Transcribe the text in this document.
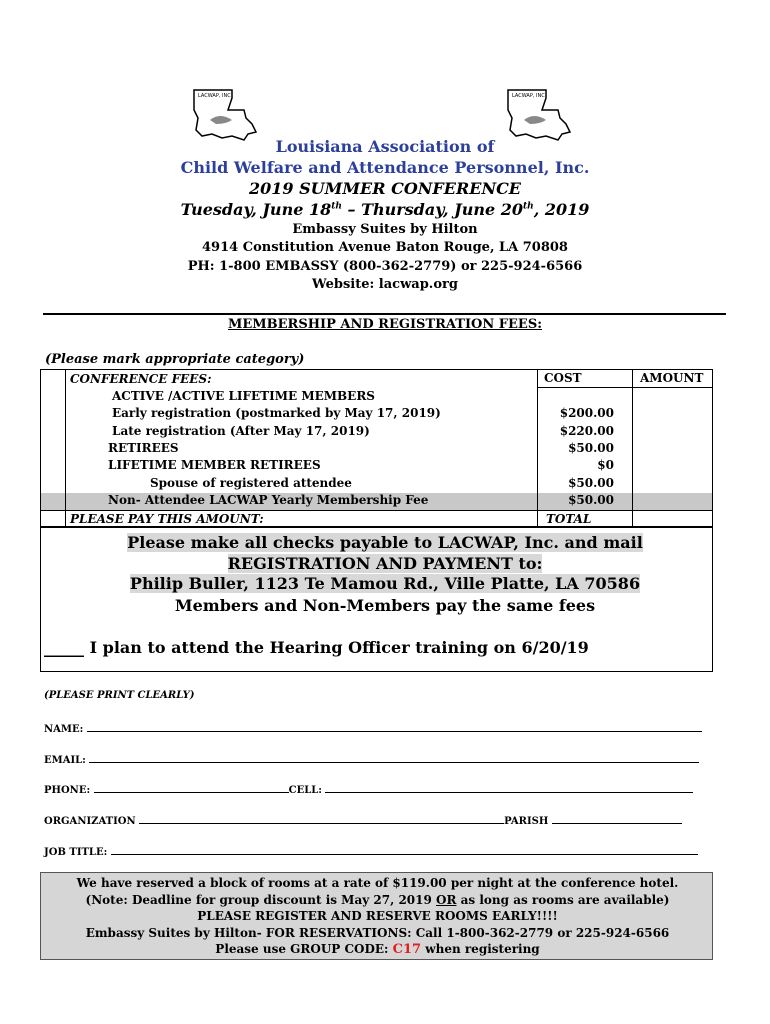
LACWAP, INC	LACWAP, INC
Louisiana Association of
Child Welfare and Attendance Personnel, Inc.
2019 SUMMER CONFERENCE
Tuesday, June 18th – Thursday, June 20th, 2019
Embassy Suites by Hilton
4914 Constitution Avenue Baton Rouge, LA 70808
PH: 1-800 EMBASSY (800-362-2779) or 225-924-6566
Website: lacwap.org
MEMBERSHIP AND REGISTRATION FEES:
(Please mark appropriate category)
CONFERENCE FEES:	COST	AMOUNT
ACTIVE /ACTIVE LIFETIME MEMBERS
Early registration (postmarked by May 17, 2019)	$200.00
Late registration (After May 17, 2019)	$220.00
RETIREES	$50.00
LIFETIME MEMBER RETIREES	$0
Spouse of registered attendee	$50.00
Non- Attendee LACWAP Yearly Membership Fee	$50.00
PLEASE PAY THIS AMOUNT:	TOTAL
Please make all checks payable to LACWAP, Inc. and mail
REGISTRATION AND PAYMENT to:
Philip Buller, 1123 Te Mamou Rd., Ville Platte, LA 70586
Members and Non-Members pay the same fees
_____ I plan to attend the Hearing Officer training on 6/20/19
(PLEASE PRINT CLEARLY)
NAME:
EMAIL:
PHONE:	CELL:
ORGANIZATION	PARISH
JOB TITLE:
We have reserved a block of rooms at a rate of $119.00 per night at the conference hotel.
(Note: Deadline for group discount is May 27, 2019 OR as long as rooms are available)
PLEASE REGISTER AND RESERVE ROOMS EARLY!!!!
Embassy Suites by Hilton- FOR RESERVATIONS: Call 1-800-362-2779 or 225-924-6566
Please use GROUP CODE: C17 when registering
